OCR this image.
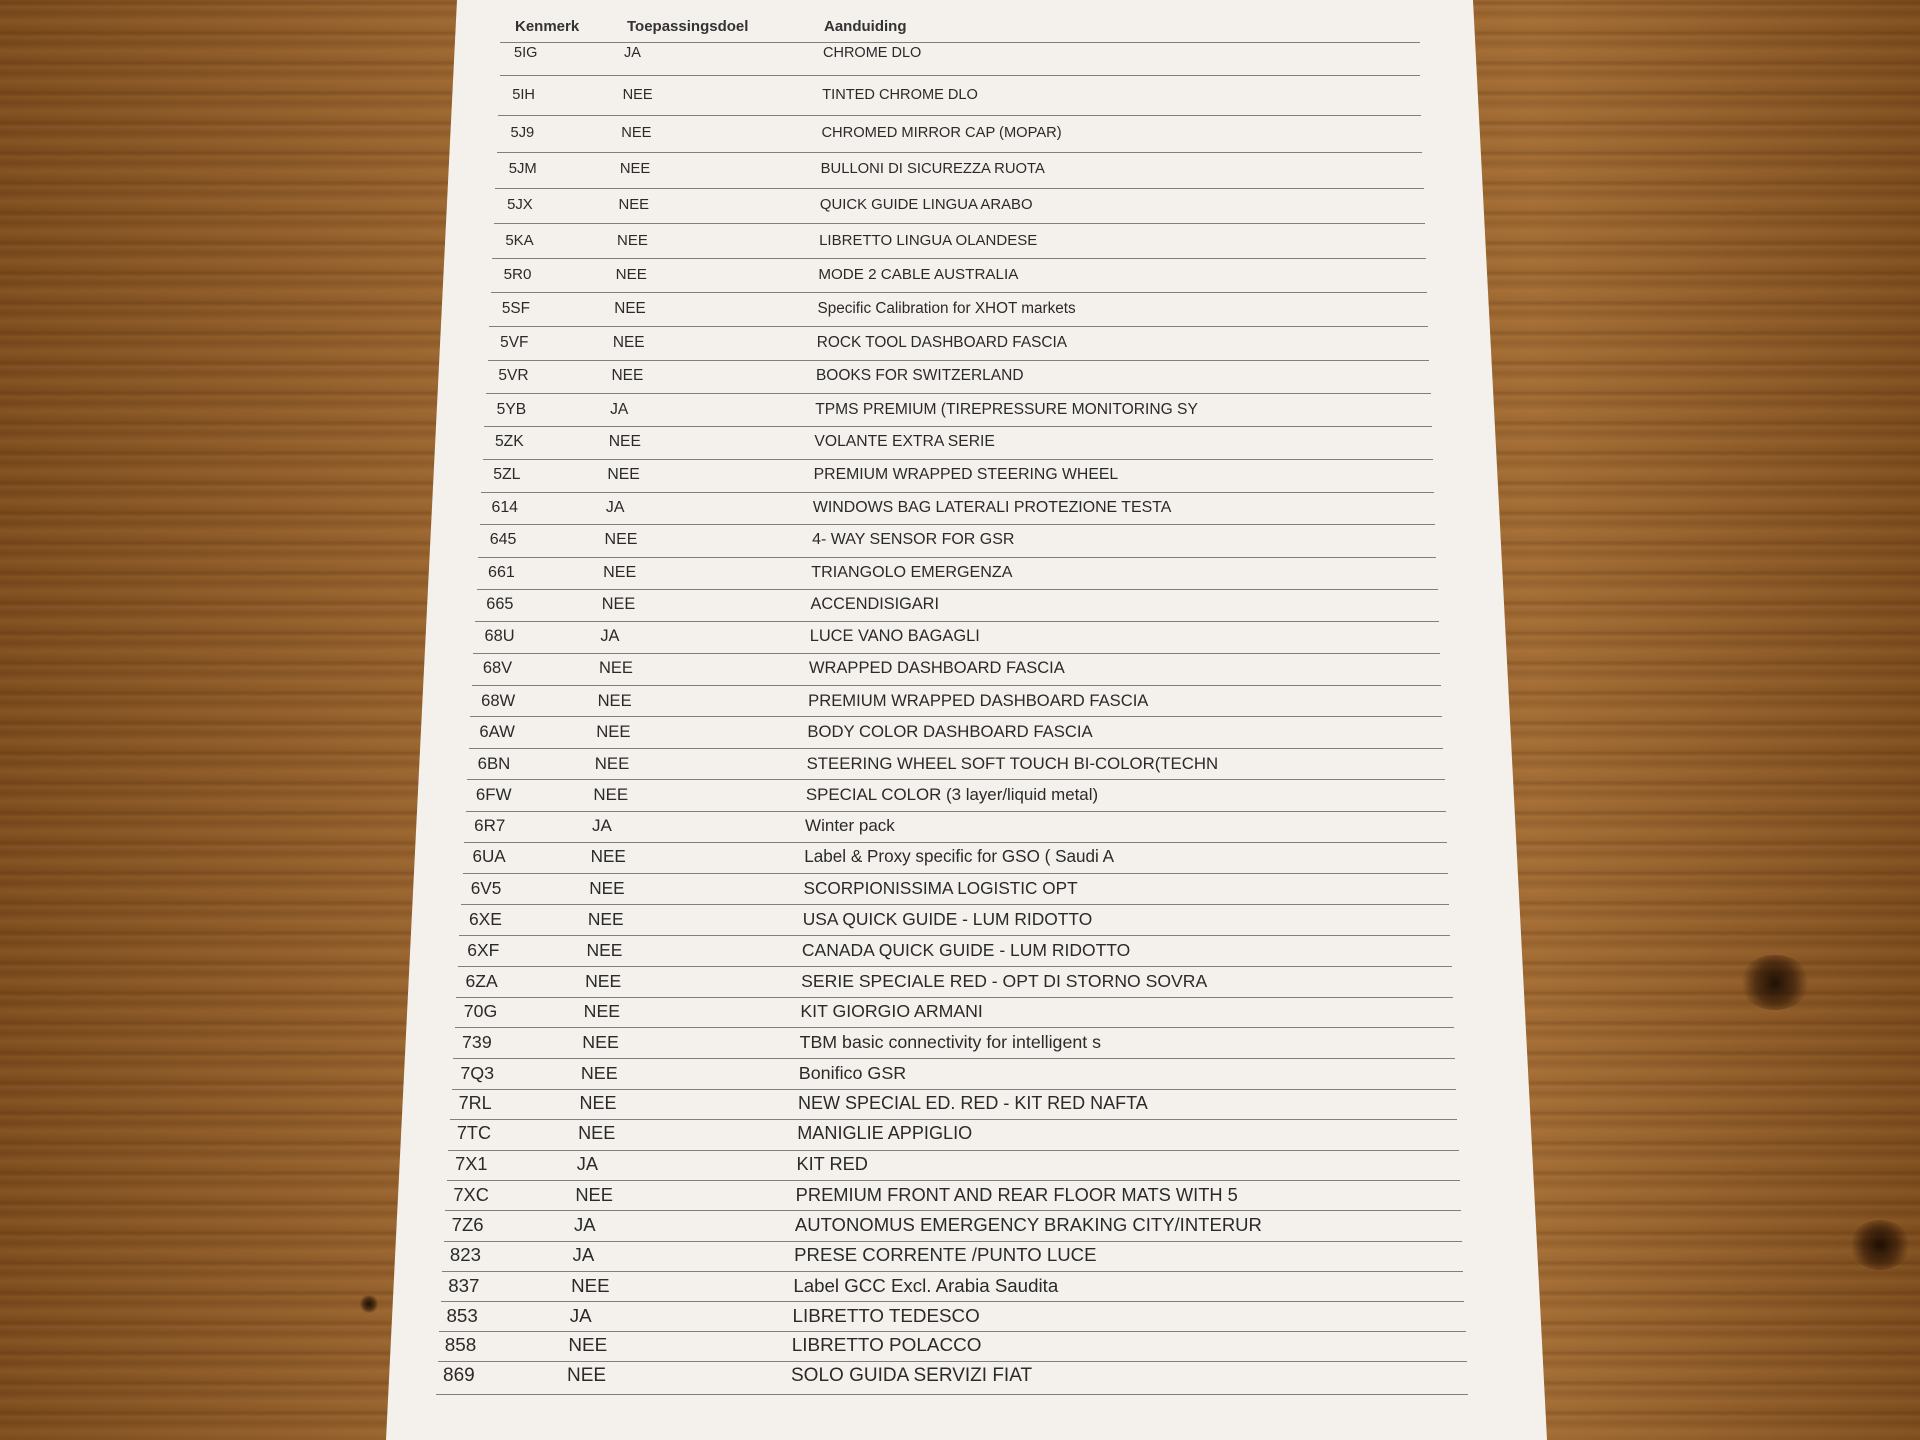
Kenmerk	Toepassingsdoel	Aanduiding
5IG	JA	CHROME DLO
5IH	NEE	TINTED CHROME DLO
5J9	NEE	CHROMED MIRROR CAP (MOPAR)
5JM	NEE	BULLONI DI SICUREZZA RUOTA
5JX	NEE	QUICK GUIDE LINGUA ARABO
5KA	NEE	LIBRETTO LINGUA OLANDESE
5R0	NEE	MODE 2 CABLE AUSTRALIA
5SF	NEE	Specific Calibration for XHOT markets
5VF	NEE	ROCK TOOL DASHBOARD FASCIA
5VR	NEE	BOOKS FOR SWITZERLAND
5YB	JA	TPMS PREMIUM (TIREPRESSURE MONITORING SY
5ZK	NEE	VOLANTE EXTRA SERIE
5ZL	NEE	PREMIUM WRAPPED STEERING WHEEL
614	JA	WINDOWS BAG LATERALI PROTEZIONE TESTA
645	NEE	4- WAY SENSOR FOR GSR
661	NEE	TRIANGOLO EMERGENZA
665	NEE	ACCENDISIGARI
68U	JA	LUCE VANO BAGAGLI
68V	NEE	WRAPPED DASHBOARD FASCIA
68W	NEE	PREMIUM WRAPPED DASHBOARD FASCIA
6AW	NEE	BODY COLOR DASHBOARD FASCIA
6BN	NEE	STEERING WHEEL SOFT TOUCH BI-COLOR(TECHN
6FW	NEE	SPECIAL COLOR (3 layer/liquid metal)
6R7	JA	Winter pack
6UA	NEE	Label & Proxy specific for GSO ( Saudi A
6V5	NEE	SCORPIONISSIMA LOGISTIC OPT
6XE	NEE	USA QUICK GUIDE - LUM RIDOTTO
6XF	NEE	CANADA QUICK GUIDE - LUM RIDOTTO
6ZA	NEE	SERIE SPECIALE RED - OPT DI STORNO SOVRA
70G	NEE	KIT GIORGIO ARMANI
739	NEE	TBM basic connectivity for intelligent s
7Q3	NEE	Bonifico GSR
7RL	NEE	NEW SPECIAL ED. RED - KIT RED NAFTA
7TC	NEE	MANIGLIE APPIGLIO
7X1	JA	KIT RED
7XC	NEE	PREMIUM FRONT AND REAR FLOOR MATS WITH 5
7Z6	JA	AUTONOMUS EMERGENCY BRAKING CITY/INTERUR
823	JA	PRESE CORRENTE /PUNTO LUCE
837	NEE	Label GCC Excl. Arabia Saudita
853	JA	LIBRETTO TEDESCO
858	NEE	LIBRETTO POLACCO
869	NEE	SOLO GUIDA SERVIZI FIAT
